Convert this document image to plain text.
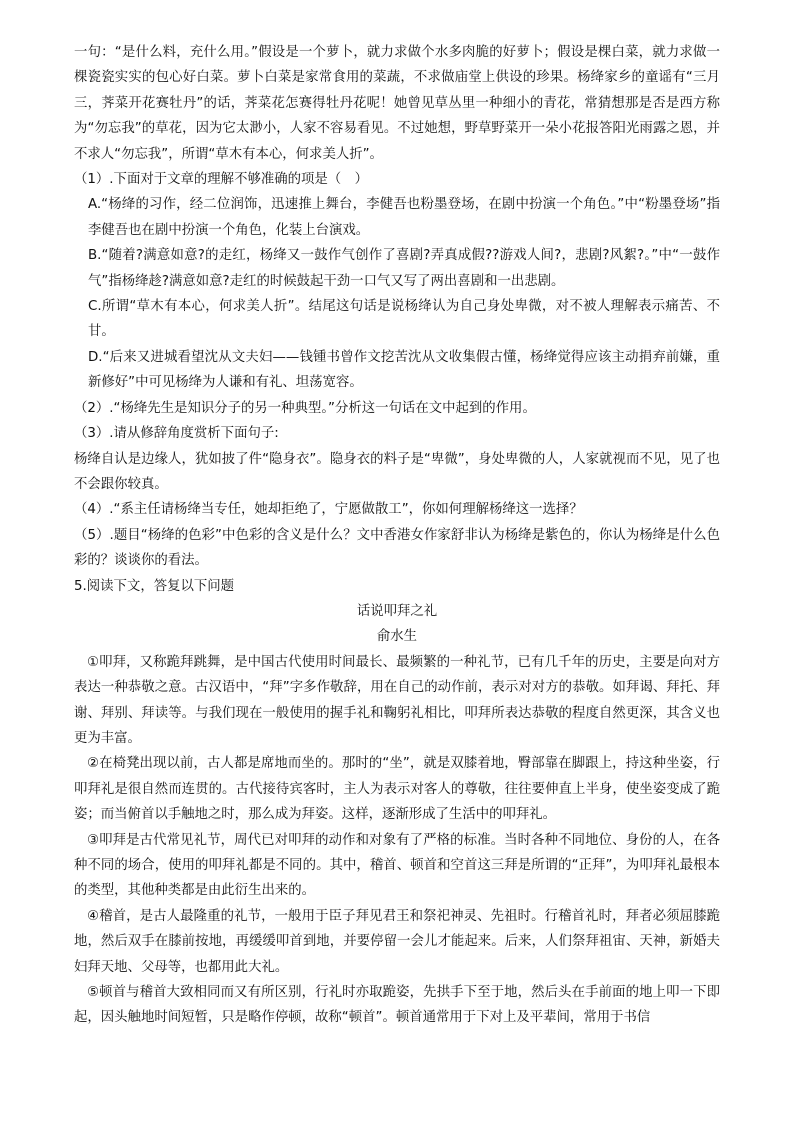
一句：“是什么料，充什么用。”假设是一个萝卜，就力求做个水多肉脆的好萝卜；假设是棵白菜，就力求做一棵瓷瓷实实的包心好白菜。萝卜白菜是家常食用的菜蔬，不求做庙堂上供设的珍果。杨绛家乡的童谣有“三月三，荠菜开花赛牡丹”的话，荠菜花怎赛得牡丹花呢！她曾见草丛里一种细小的青花，常猜想那是否是西方称为“勿忘我”的草花，因为它太渺小，人家不容易看见。不过她想，野草野菜开一朵小花报答阳光雨露之恩，并不求人“勿忘我”，所谓“草木有本心，何求美人折”。

（1）.下面对于文章的理解不够准确的项是（　）

A.“杨绛的习作，经二位润饰，迅速推上舞台，李健吾也粉墨登场，在剧中扮演一个角色。”中“粉墨登场”指李健吾也在剧中扮演一个角色，化装上台演戏。

B.“随着?满意如意?的走红，杨绛又一鼓作气创作了喜剧?弄真成假??游戏人间?，悲剧?风絮?。”中“一鼓作气”指杨绛趁?满意如意?走红的时候鼓起干劲一口气又写了两出喜剧和一出悲剧。

C.所谓“草木有本心，何求美人折”。结尾这句话是说杨绛认为自己身处卑微，对不被人理解表示痛苦、不甘。

D.“后来又进城看望沈从文夫妇——钱锺书曾作文挖苦沈从文收集假古懂，杨绛觉得应该主动捐弃前嫌，重新修好”中可见杨绛为人谦和有礼、坦荡宽容。

（2）.“杨绛先生是知识分子的另一种典型。”分析这一句话在文中起到的作用。

（3）.请从修辞角度赏析下面句子:

杨绛自认是边缘人，犹如披了件“隐身衣”。隐身衣的料子是“卑微”，身处卑微的人，人家就视而不见，见了也不会跟你较真。

（4）.“系主任请杨绛当专任，她却拒绝了，宁愿做散工”，你如何理解杨绛这一选择？

（5）.题目“杨绛的色彩”中色彩的含义是什么？文中香港女作家舒非认为杨绛是紫色的，你认为杨绛是什么色彩的？谈谈你的看法。

5.阅读下文，答复以下问题

话说叩拜之礼

俞水生

①叩拜，又称跪拜跳舞，是中国古代使用时间最长、最频繁的一种礼节，已有几千年的历史，主要是向对方表达一种恭敬之意。古汉语中，“拜”字多作敬辞，用在自己的动作前，表示对对方的恭敬。如拜谒、拜托、拜谢、拜别、拜读等。与我们现在一般使用的握手礼和鞠躬礼相比，叩拜所表达恭敬的程度自然更深，其含义也更为丰富。

②在椅凳出现以前，古人都是席地而坐的。那时的“坐”，就是双膝着地，臀部靠在脚跟上，持这种坐姿，行叩拜礼是很自然而连贯的。古代接待宾客时，主人为表示对客人的尊敬，往往要伸直上半身，使坐姿变成了跪姿；而当俯首以手触地之时，那么成为拜姿。这样，逐渐形成了生活中的叩拜礼。

③叩拜是古代常见礼节，周代已对叩拜的动作和对象有了严格的标准。当时各种不同地位、身份的人，在各种不同的场合，使用的叩拜礼都是不同的。其中，稽首、顿首和空首这三拜是所谓的“正拜”，为叩拜礼最根本的类型，其他种类都是由此衍生出来的。

④稽首，是古人最隆重的礼节，一般用于臣子拜见君王和祭祀神灵、先祖时。行稽首礼时，拜者必须屈膝跪地，然后双手在膝前按地，再缓缓叩首到地，并要停留一会儿才能起来。后来，人们祭拜祖宙、天神，新婚夫妇拜天地、父母等，也都用此大礼。

⑤顿首与稽首大致相同而又有所区别，行礼时亦取跪姿，先拱手下至于地，然后头在手前面的地上叩一下即起，因头触地时间短暂，只是略作停顿，故称“顿首”。顿首通常用于下对上及平辈间，常用于书信
